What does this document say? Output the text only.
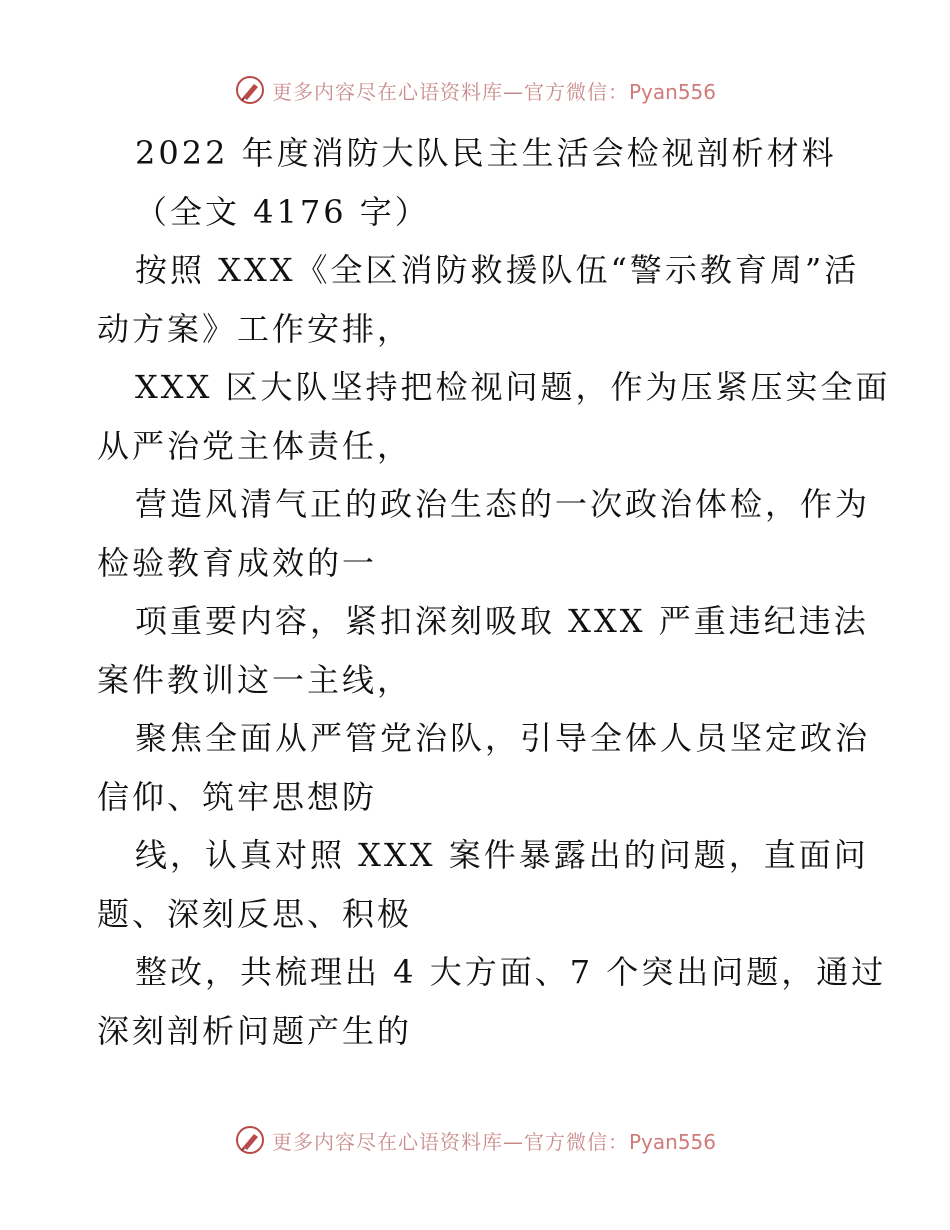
更多内容尽在心语资料库—官方微信：Pyan556
2022 年度消防大队民主生活会检视剖析材料
（全文 4176 字）
按照 XXX《全区消防救援队伍“警示教育周”活
动方案》工作安排，
XXX 区大队坚持把检视问题，作为压紧压实全面
从严治党主体责任，
营造风清气正的政治生态的一次政治体检，作为
检验教育成效的一
项重要内容，紧扣深刻吸取 XXX 严重违纪违法
案件教训这一主线，
聚焦全面从严管党治队，引导全体人员坚定政治
信仰、筑牢思想防
线，认真对照 XXX 案件暴露出的问题，直面问
题、深刻反思、积极
整改，共梳理出 4 大方面、7 个突出问题，通过
深刻剖析问题产生的
更多内容尽在心语资料库—官方微信：Pyan556
